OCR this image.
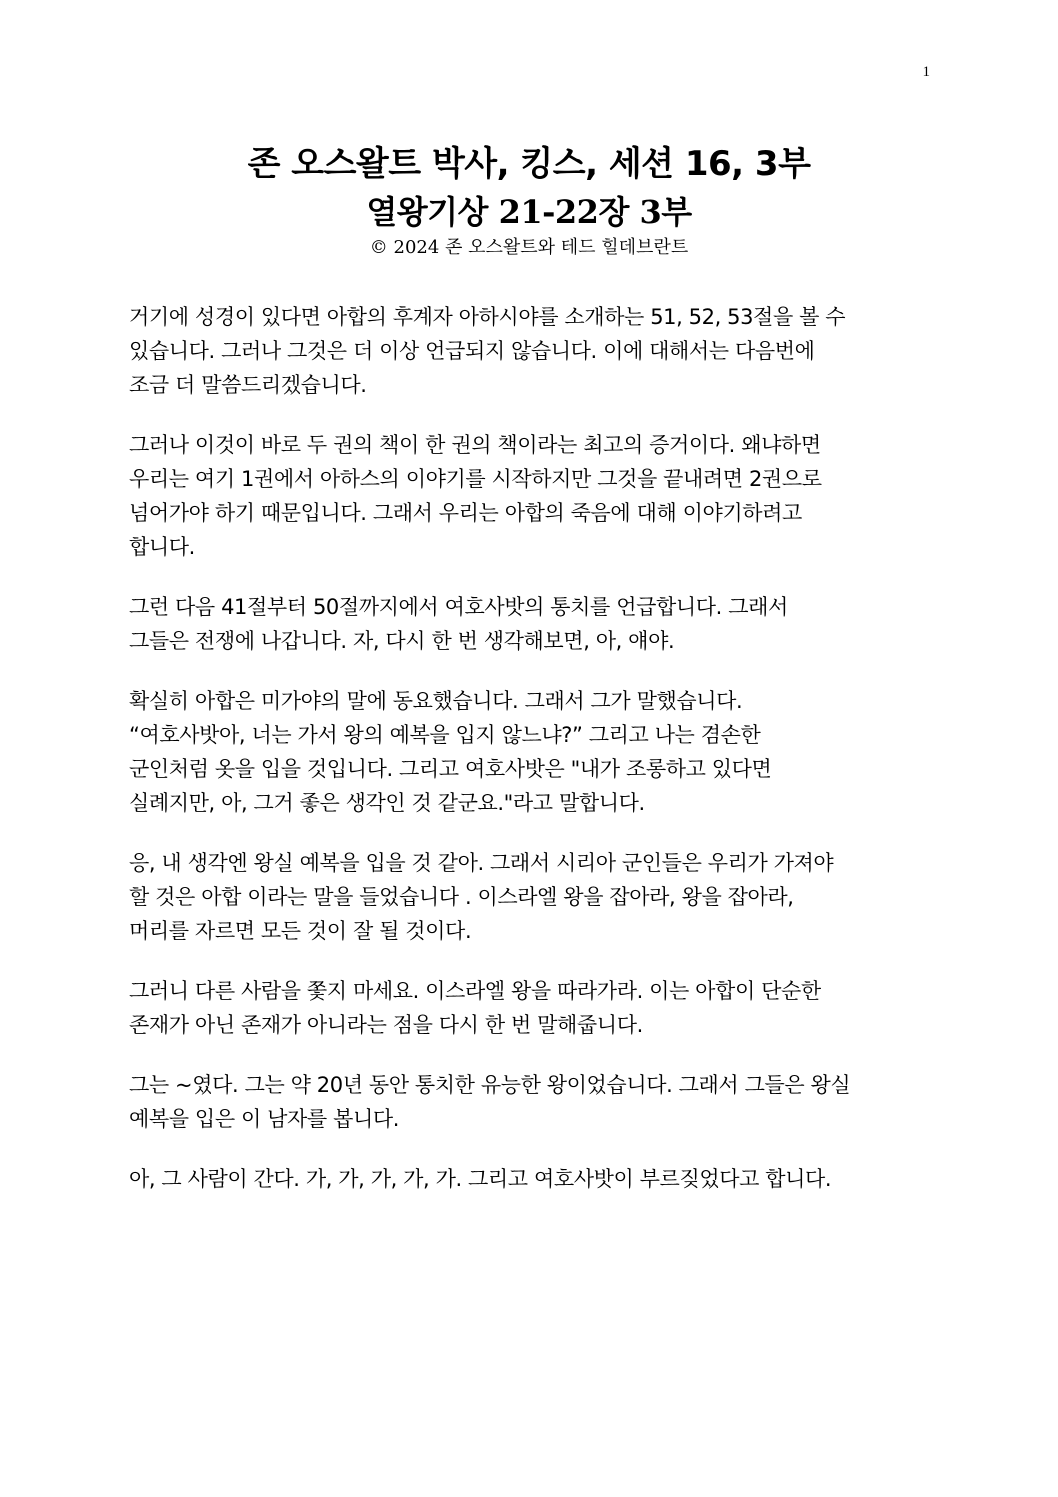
1
존 오스왈트 박사, 킹스, 세션 16, 3부
열왕기상 21-22장 3부
© 2024 존 오스왈트와 테드 힐데브란트

거기에 성경이 있다면 아합의 후계자 아하시야를 소개하는 51, 52, 53절을 볼 수
있습니다. 그러나 그것은 더 이상 언급되지 않습니다. 이에 대해서는 다음번에
조금 더 말씀드리겠습니다.

그러나 이것이 바로 두 권의 책이 한 권의 책이라는 최고의 증거이다. 왜냐하면
우리는 여기 1권에서 아하스의 이야기를 시작하지만 그것을 끝내려면 2권으로
넘어가야 하기 때문입니다. 그래서 우리는 아합의 죽음에 대해 이야기하려고
합니다.

그런 다음 41절부터 50절까지에서 여호사밧의 통치를 언급합니다. 그래서
그들은 전쟁에 나갑니다. 자, 다시 한 번 생각해보면, 아, 얘야.

확실히 아합은 미가야의 말에 동요했습니다. 그래서 그가 말했습니다.
“여호사밧아, 너는 가서 왕의 예복을 입지 않느냐?” 그리고 나는 겸손한
군인처럼 옷을 입을 것입니다. 그리고 여호사밧은 "내가 조롱하고 있다면
실례지만, 아, 그거 좋은 생각인 것 같군요."라고 말합니다.

응, 내 생각엔 왕실 예복을 입을 것 같아. 그래서 시리아 군인들은 우리가 가져야
할 것은 아합 이라는 말을 들었습니다 . 이스라엘 왕을 잡아라, 왕을 잡아라,
머리를 자르면 모든 것이 잘 될 것이다.

그러니 다른 사람을 쫓지 마세요. 이스라엘 왕을 따라가라. 이는 아합이 단순한
존재가 아닌 존재가 아니라는 점을 다시 한 번 말해줍니다.

그는 ~였다. 그는 약 20년 동안 통치한 유능한 왕이었습니다. 그래서 그들은 왕실
예복을 입은 이 남자를 봅니다.

아, 그 사람이 간다. 가, 가, 가, 가, 가. 그리고 여호사밧이 부르짖었다고 합니다.
